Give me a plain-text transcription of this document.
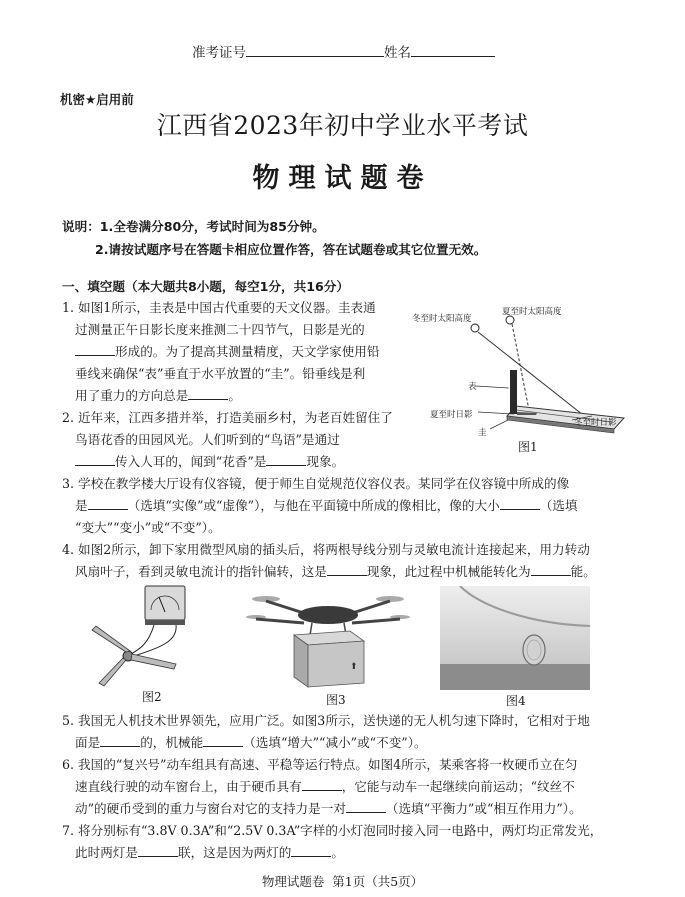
准考证号	姓名
机密★启用前
江西省2023年初中学业水平考试
物理试题卷
说明：1.全卷满分80分，考试时间为85分钟。
2.请按试题序号在答题卡相应位置作答，答在试题卷或其它位置无效。
一、填空题（本大题共8小题，每空1分，共16分）
1. 如图1所示，圭表是中国古代重要的天文仪器。圭表通
过测量正午日影长度来推测二十四节气，日影是光的
形成的。为了提高其测量精度，天文学家使用铅
垂线来确保“表”垂直于水平放置的“圭”。铅垂线是利
用了重力的方向总是	。
2. 近年来，江西多措并举，打造美丽乡村，为老百姓留住了
鸟语花香的田园风光。人们听到的“鸟语”是通过
传入人耳的，闻到“花香”是	现象。
冬至时太阳高度
夏至时太阳高度
表
夏至时日影
冬至时日影
圭
图1
3. 学校在教学楼大厅设有仪容镜，便于师生自觉规范仪容仪表。某同学在仪容镜中所成的像
是	（选填“实像”或“虚像”），与他在平面镜中所成的像相比，像的大小	（选填
“变大”“变小”或“不变”）。
4. 如图2所示，卸下家用微型风扇的插头后，将两根导线分别与灵敏电流计连接起来，用力转动
风扇叶子，看到灵敏电流计的指针偏转，这是	现象，此过程中机械能转化为	能。
图2
⬆
图3	图4
5. 我国无人机技术世界领先，应用广泛。如图3所示，送快递的无人机匀速下降时，它相对于地
面是	的，机械能	（选填“增大”“减小”或“不变”）。
6. 我国的“复兴号”动车组具有高速、平稳等运行特点。如图4所示，某乘客将一枚硬币立在匀
速直线行驶的动车窗台上，由于硬币具有	，它能与动车一起继续向前运动；“纹丝不
动”的硬币受到的重力与窗台对它的支持力是一对	（选填“平衡力”或“相互作用力”）。
7. 将分别标有“3.8V 0.3A”和“2.5V 0.3A”字样的小灯泡同时接入同一电路中，两灯均正常发光，
此时两灯是	联，这是因为两灯的	。
物理试题卷  第1页（共5页）
